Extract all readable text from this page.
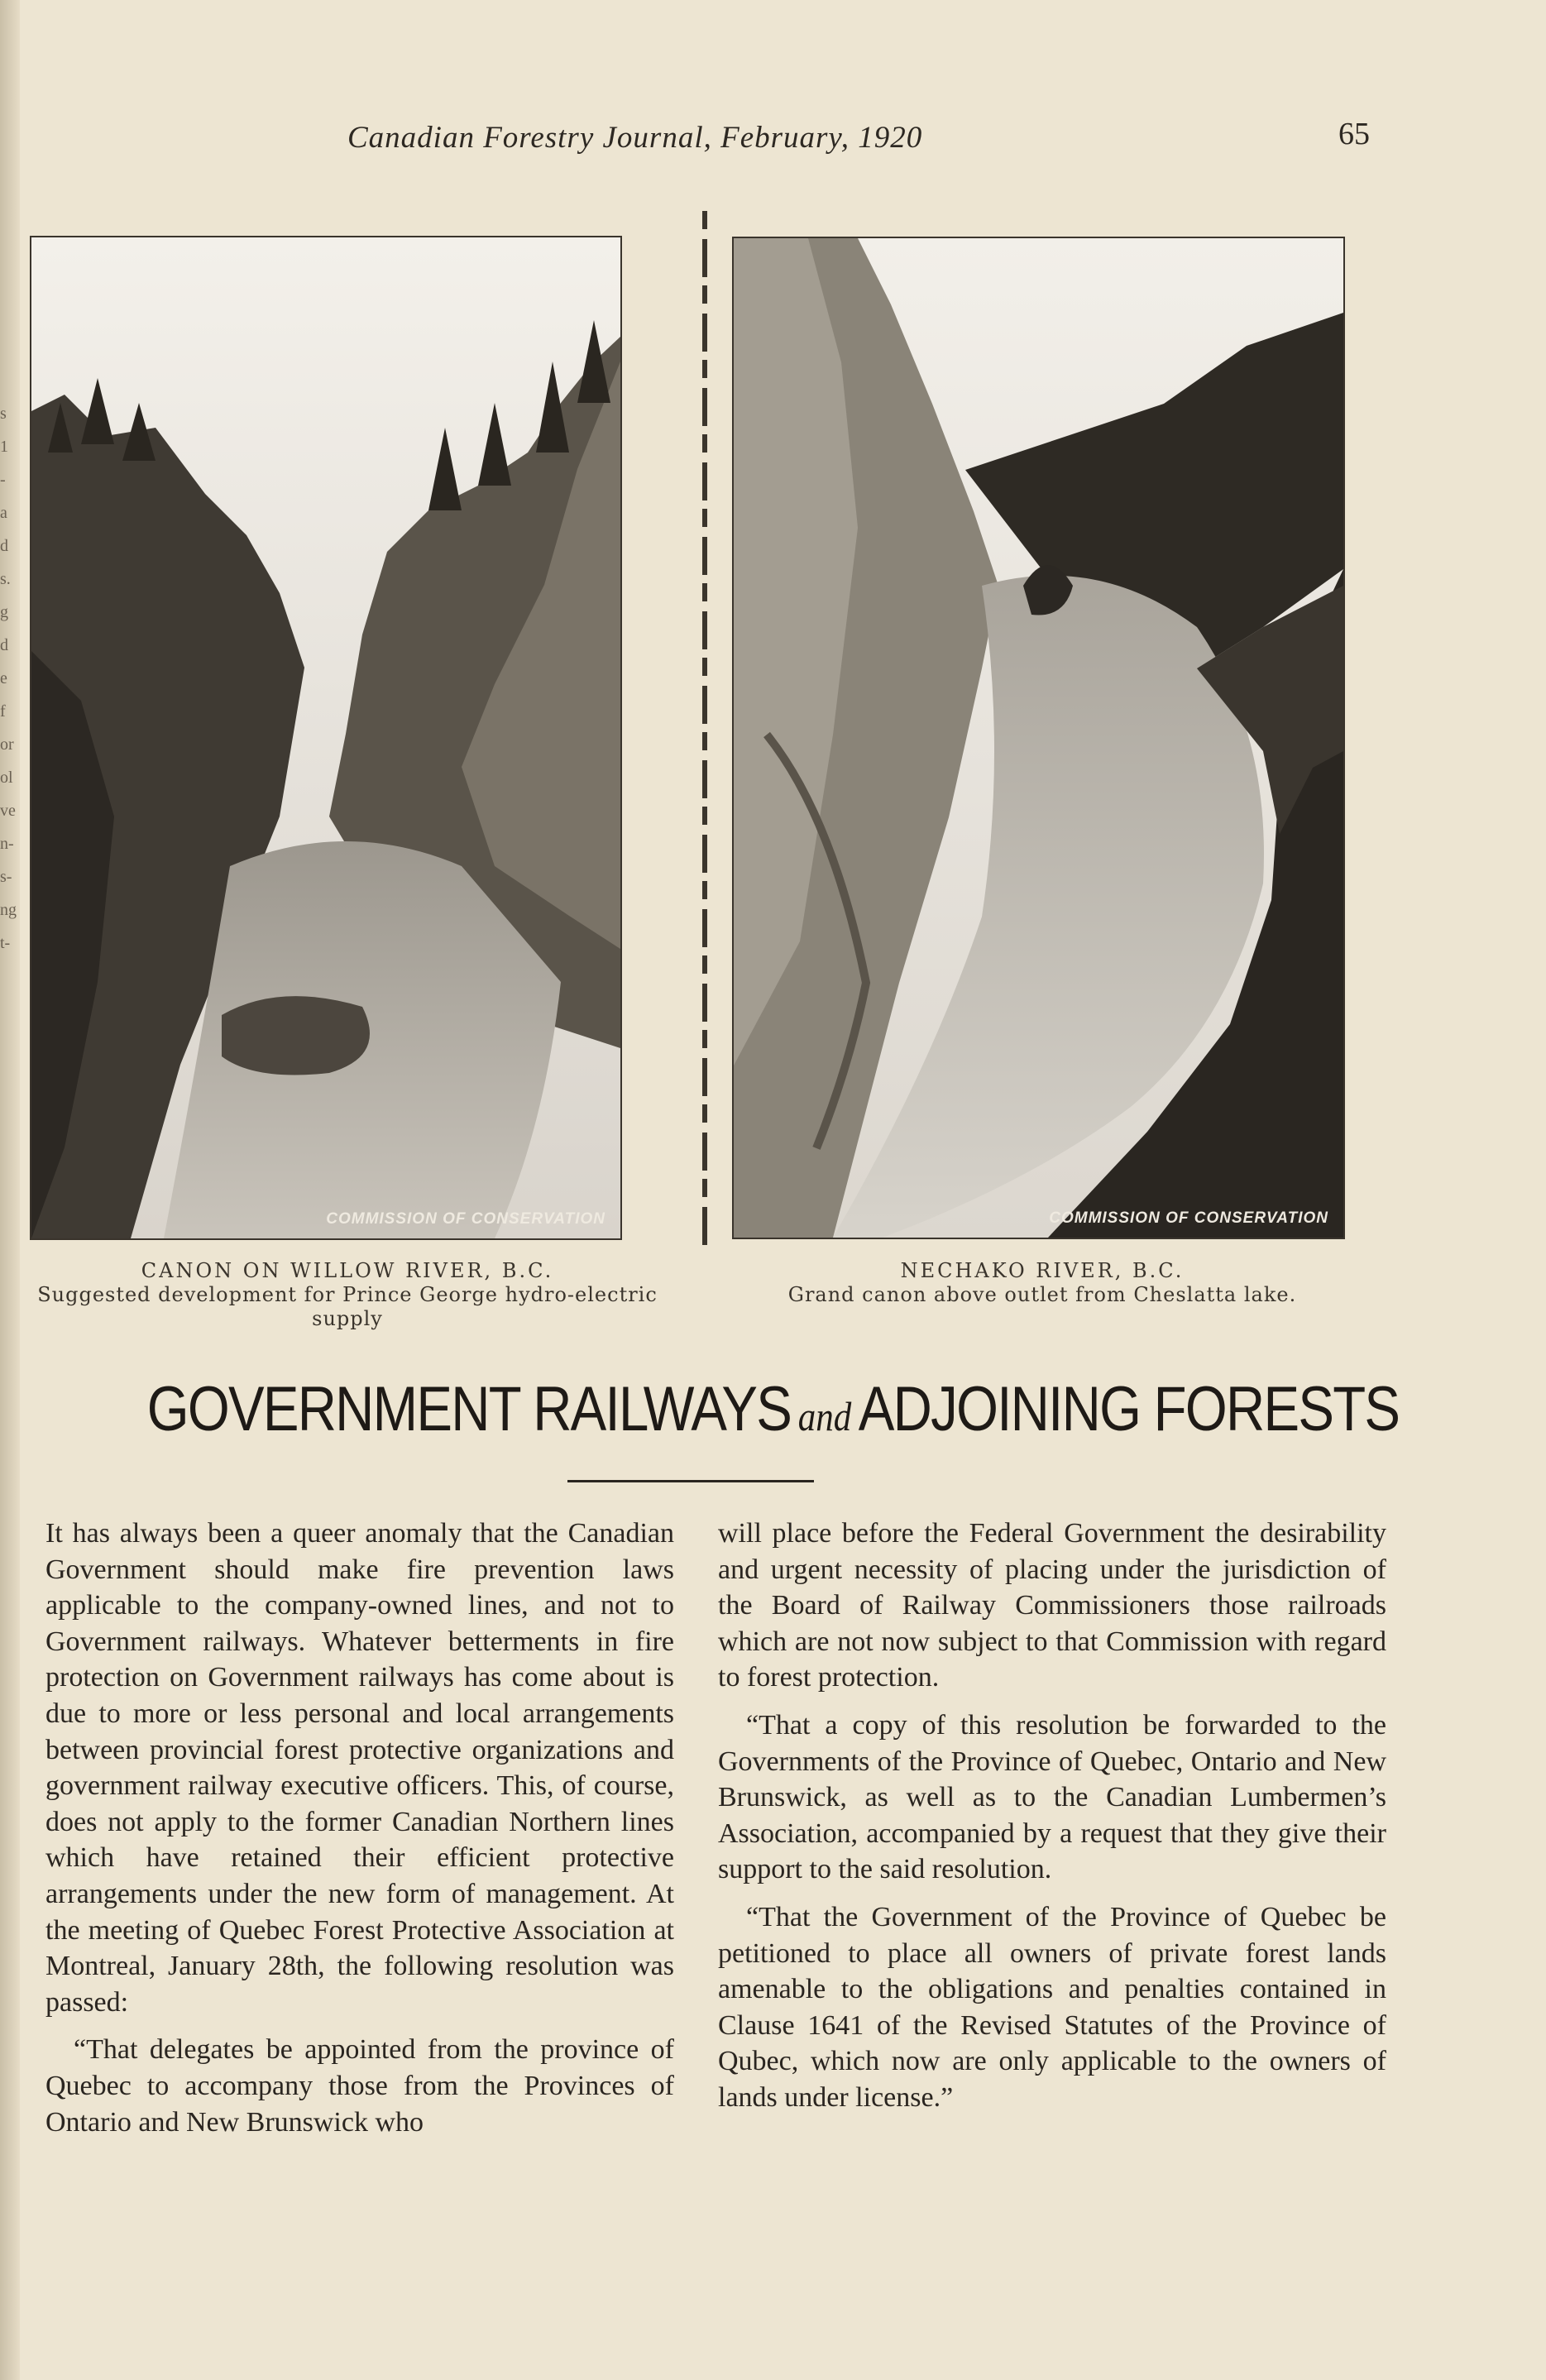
s 1 - a d s. g d e f or ol ve n- s- ng t-
Canadian Forestry Journal, February, 1920	65
COMMISSION OF CONSERVATION	COMMISSION OF CONSERVATION
CANON ON WILLOW RIVER, B.C.
Suggested development for Prince George hydro-electric supply
NECHAKO RIVER, B.C.
Grand canon above outlet from Cheslatta lake.
GOVERNMENT RAILWAYS and ADJOINING FORESTS

It has always been a queer anomaly that the Canadian Government should make fire prevention laws applicable to the company-owned lines, and not to Government railways. Whatever betterments in fire protection on Government railways has come about is due to more or less personal and local arrangements between provincial forest protective organizations and government railway executive officers. This, of course, does not apply to the former Canadian Northern lines which have retained their efficient protective arrangements under the new form of management. At the meeting of Quebec Forest Protective Association at Montreal, January 28th, the following resolution was passed:

“That delegates be appointed from the province of Quebec to accompany those from the Provinces of Ontario and New Brunswick who

will place before the Federal Government the desirability and urgent necessity of placing under the jurisdiction of the Board of Railway Commissioners those railroads which are not now subject to that Commission with regard to forest protection.

“That a copy of this resolution be forwarded to the Governments of the Province of Quebec, Ontario and New Brunswick, as well as to the Canadian Lumbermen’s Association, accompanied by a request that they give their support to the said resolution.

“That the Government of the Province of Quebec be petitioned to place all owners of private forest lands amenable to the obligations and penalties contained in Clause 1641 of the Revised Statutes of the Province of Qubec, which now are only applicable to the owners of lands under license.”
